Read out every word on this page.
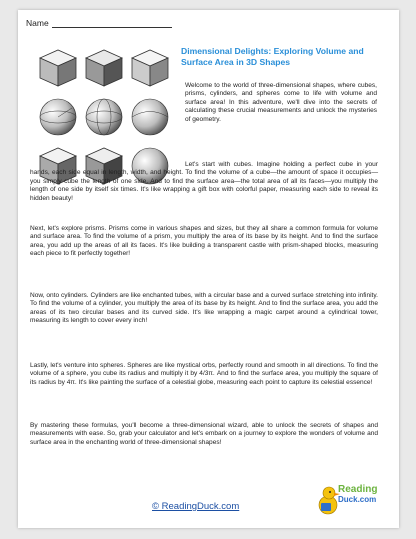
Name
Dimensional Delights: Exploring Volume and Surface Area in 3D Shapes

Welcome to the world of three-dimensional shapes, where cubes, prisms, cylinders, and spheres come to life with volume and surface area! In this adventure, we'll dive into the secrets of calculating these crucial measurements and unlock the mysteries of geometry.

Let's start with cubes. Imagine holding a perfect cube in your hands, each side equal in length, width, and height. To find the volume of a cube—the amount of space it occupies—you simply cube the length of one side. And to find the surface area—the total area of all its faces—you multiply the length of one side by itself six times. It's like wrapping a gift box with colorful paper, measuring each side to reveal its hidden beauty!

Next, let's explore prisms. Prisms come in various shapes and sizes, but they all share a common formula for volume and surface area. To find the volume of a prism, you multiply the area of its base by its height. And to find the surface area, you add up the areas of all its faces. It's like building a transparent castle with prism-shaped blocks, measuring each piece to fit perfectly together!

Now, onto cylinders. Cylinders are like enchanted tubes, with a circular base and a curved surface stretching into infinity. To find the volume of a cylinder, you multiply the area of its base by its height. And to find the surface area, you add the areas of its two circular bases and its curved side. It's like wrapping a magic carpet around a cylindrical tower, measuring its length to cover every inch!

Lastly, let's venture into spheres. Spheres are like mystical orbs, perfectly round and smooth in all directions. To find the volume of a sphere, you cube its radius and multiply it by 4/3π. And to find the surface area, you multiply the square of its radius by 4π. It's like painting the surface of a celestial globe, measuring each point to capture its celestial essence!

By mastering these formulas, you'll become a three-dimensional wizard, able to unlock the secrets of shapes and measurements with ease. So, grab your calculator and let's embark on a journey to explore the wonders of volume and surface area in the enchanting world of three-dimensional shapes!

© ReadingDuck.com
Reading
Duck.com
